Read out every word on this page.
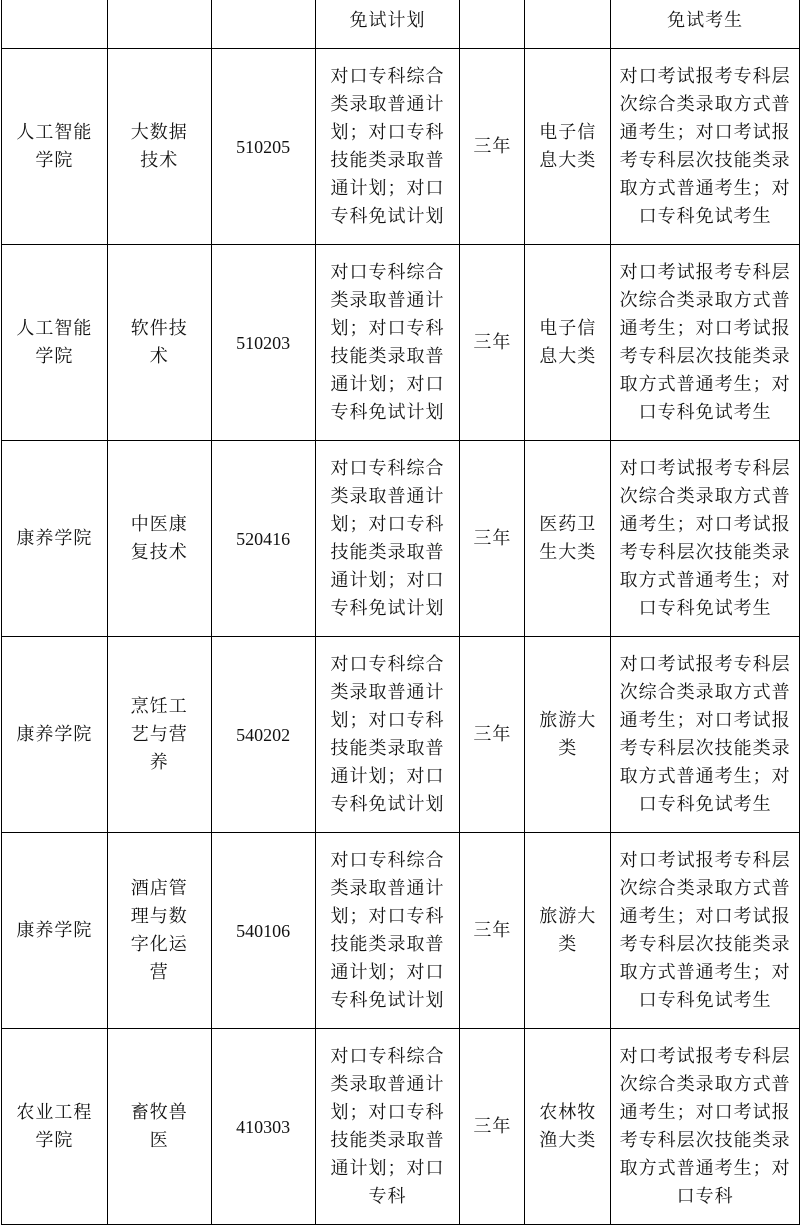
			免试计划			免试考生

人工智能学院	大数据技术	510205	对口专科综合类录取普通计划；对口专科技能类录取普通计划；对口专科免试计划	三年	电子信息大类	对口考试报考专科层次综合类录取方式普通考生；对口考试报考专科层次技能类录取方式普通考生；对口专科免试考生

人工智能学院	软件技术	510203	对口专科综合类录取普通计划；对口专科技能类录取普通计划；对口专科免试计划	三年	电子信息大类	对口考试报考专科层次综合类录取方式普通考生；对口考试报考专科层次技能类录取方式普通考生；对口专科免试考生

康养学院	中医康复技术	520416	对口专科综合类录取普通计划；对口专科技能类录取普通计划；对口专科免试计划	三年	医药卫生大类	对口考试报考专科层次综合类录取方式普通考生；对口考试报考专科层次技能类录取方式普通考生；对口专科免试考生

康养学院	烹饪工艺与营养	540202	对口专科综合类录取普通计划；对口专科技能类录取普通计划；对口专科免试计划	三年	旅游大类	对口考试报考专科层次综合类录取方式普通考生；对口考试报考专科层次技能类录取方式普通考生；对口专科免试考生

康养学院	酒店管理与数字化运营	540106	对口专科综合类录取普通计划；对口专科技能类录取普通计划；对口专科免试计划	三年	旅游大类	对口考试报考专科层次综合类录取方式普通考生；对口考试报考专科层次技能类录取方式普通考生；对口专科免试考生

农业工程学院	畜牧兽医	410303	对口专科综合类录取普通计划；对口专科技能类录取普通计划；对口专科	三年	农林牧渔大类	对口考试报考专科层次综合类录取方式普通考生；对口考试报考专科层次技能类录取方式普通考生；对口专科
